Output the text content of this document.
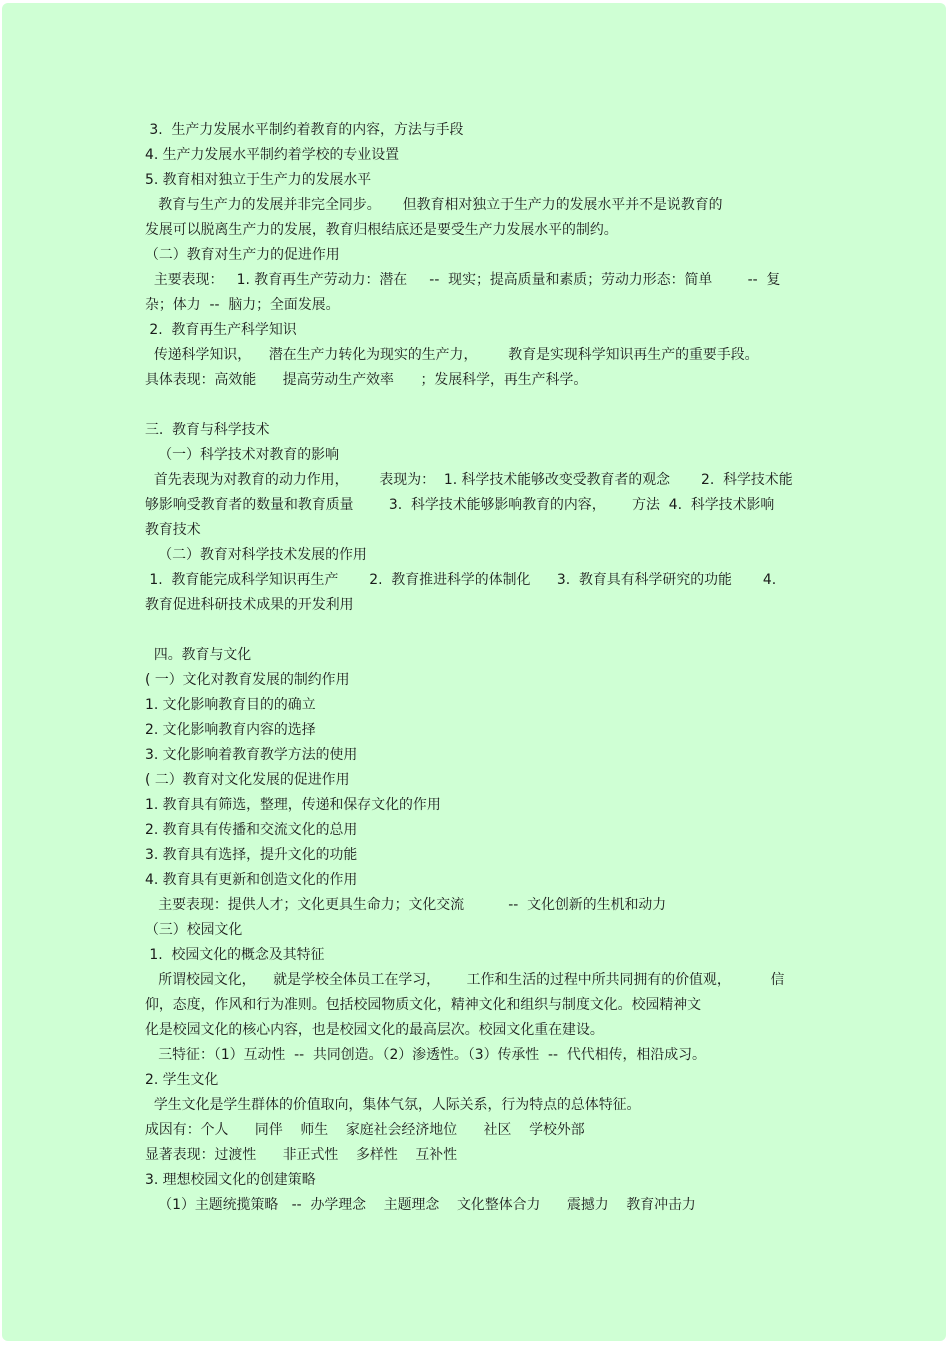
3.  生产力发展水平制约着教育的内容，方法与手段
4. 生产力发展水平制约着学校的专业设置
5. 教育相对独立于生产力的发展水平
教育与生产力的发展并非完全同步。     但教育相对独立于生产力的发展水平并不是说教育的
发展可以脱离生产力的发展，教育归根结底还是要受生产力发展水平的制约。
（二）教育对生产力的促进作用
主要表现：   1. 教育再生产劳动力：潜在     --  现实；提高质量和素质；劳动力形态：简单        --  复
杂；体力  --  脑力；全面发展。
2.  教育再生产科学知识
传递科学知识，    潜在生产力转化为现实的生产力，       教育是实现科学知识再生产的重要手段。
具体表现：高效能      提高劳动生产效率      ；发展科学，再生产科学。
三.  教育与科学技术
（一）科学技术对教育的影响
首先表现为对教育的动力作用，       表现为：  1. 科学技术能够改变受教育者的观念       2.  科学技术能
够影响受教育者的数量和教育质量        3.  科学技术能够影响教育的内容，      方法  4.  科学技术影响
教育技术
（二）教育对科学技术发展的作用
1.  教育能完成科学知识再生产       2.  教育推进科学的体制化      3.  教育具有科学研究的功能       4.
教育促进科研技术成果的开发利用
四。教育与文化
( 一）文化对教育发展的制约作用
1. 文化影响教育目的的确立
2. 文化影响教育内容的选择
3. 文化影响着教育教学方法的使用
( 二）教育对文化发展的促进作用
1. 教育具有筛选，整理，传递和保存文化的作用
2. 教育具有传播和交流文化的总用
3. 教育具有选择，提升文化的功能
4. 教育具有更新和创造文化的作用
主要表现：提供人才；文化更具生命力；文化交流          --  文化创新的生机和动力
（三）校园文化
1.  校园文化的概念及其特征
所谓校园文化，    就是学校全体员工在学习，      工作和生活的过程中所共同拥有的价值观，         信
仰，态度，作风和行为准则。包括校园物质文化，精神文化和组织与制度文化。校园精神文
化是校园文化的核心内容，也是校园文化的最高层次。校园文化重在建设。
三特征：（1）互动性  --  共同创造。（2）渗透性。（3）传承性  --  代代相传，相沿成习。
2. 学生文化
学生文化是学生群体的价值取向，集体气氛，人际关系，行为特点的总体特征。
成因有：个人      同伴    师生    家庭社会经济地位      社区    学校外部
显著表现：过渡性      非正式性    多样性    互补性
3. 理想校园文化的创建策略
（1）主题统揽策略   --  办学理念    主题理念    文化整体合力      震撼力    教育冲击力
